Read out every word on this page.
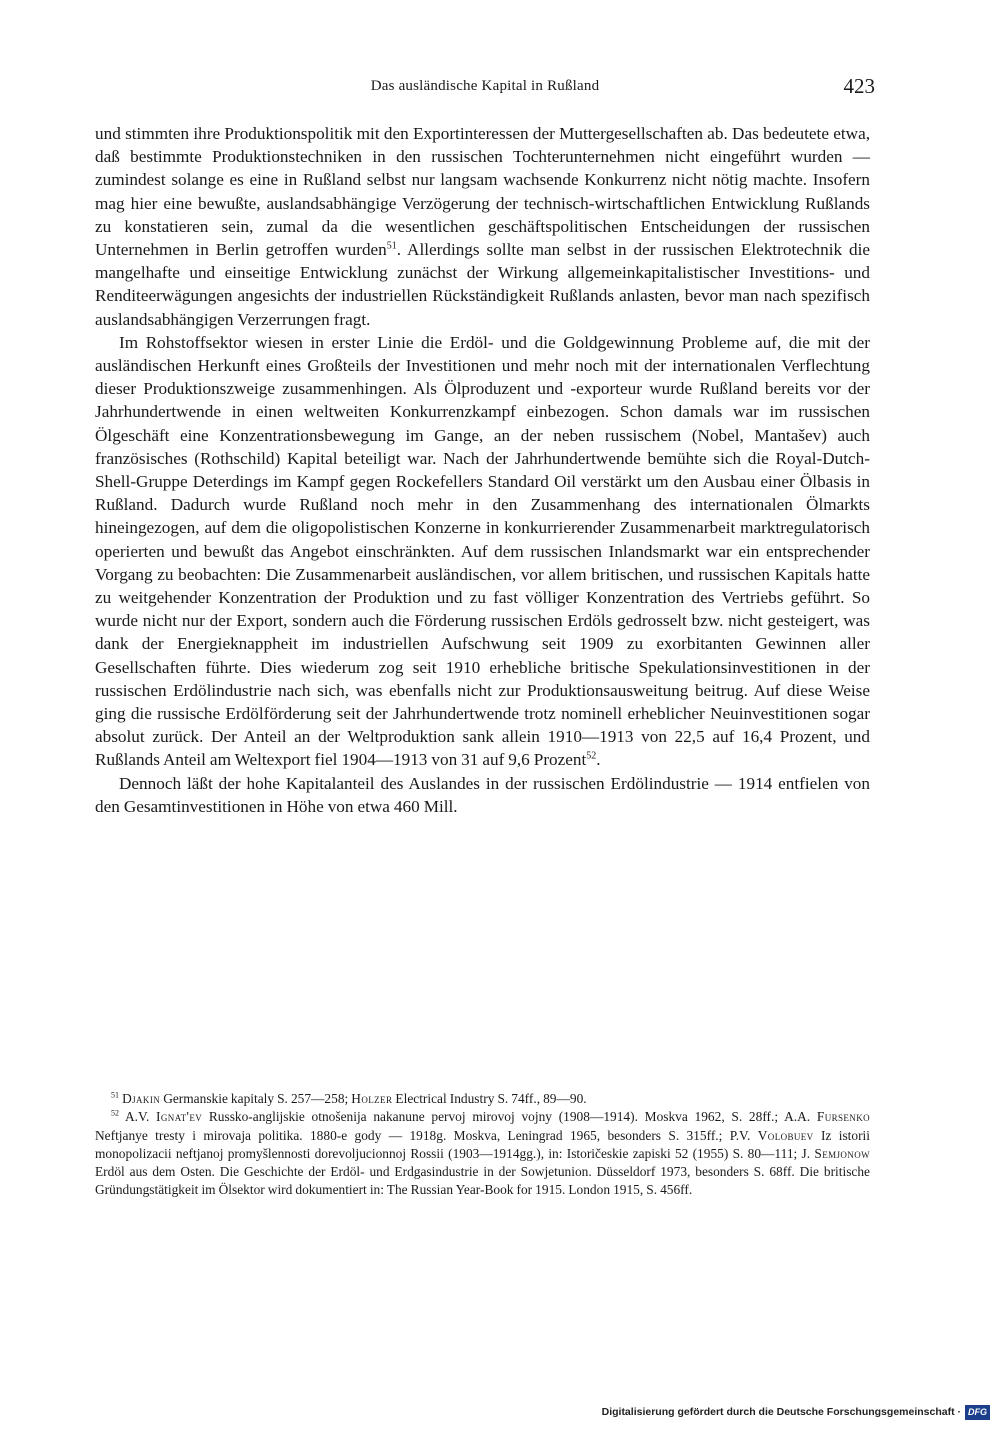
Das ausländische Kapital in Rußland	423

und stimmten ihre Produktionspolitik mit den Exportinteressen der Muttergesellschaften ab. Das bedeutete etwa, daß bestimmte Produktionstechniken in den russischen Tochterunternehmen nicht eingeführt wurden — zumindest solange es eine in Rußland selbst nur langsam wachsende Konkurrenz nicht nötig machte. Insofern mag hier eine bewußte, auslandsabhängige Verzögerung der technisch-wirtschaftlichen Entwicklung Rußlands zu konstatieren sein, zumal da die wesentlichen geschäftspolitischen Entscheidungen der russischen Unternehmen in Berlin getroffen wurden$^{51}$. Allerdings sollte man selbst in der russischen Elektrotechnik die mangelhafte und einseitige Entwicklung zunächst der Wirkung allgemeinkapitalistischer Investitions- und Renditeerwägungen angesichts der industriellen Rückständigkeit Rußlands anlasten, bevor man nach spezifisch auslandsabhängigen Verzerrungen fragt.

Im Rohstoffsektor wiesen in erster Linie die Erdöl- und die Goldgewinnung Probleme auf, die mit der ausländischen Herkunft eines Großteils der Investitionen und mehr noch mit der internationalen Verflechtung dieser Produktionszweige zusammenhingen. Als Ölproduzent und -exporteur wurde Rußland bereits vor der Jahrhundertwende in einen weltweiten Konkurrenzkampf einbezogen. Schon damals war im russischen Ölgeschäft eine Konzentrationsbewegung im Gange, an der neben russischem (Nobel, Mantašev) auch französisches (Rothschild) Kapital beteiligt war. Nach der Jahrhundertwende bemühte sich die Royal-Dutch-Shell-Gruppe Deterdings im Kampf gegen Rockefellers Standard Oil verstärkt um den Ausbau einer Ölbasis in Rußland. Dadurch wurde Rußland noch mehr in den Zusammenhang des internationalen Ölmarkts hineingezogen, auf dem die oligopolistischen Konzerne in konkurrierender Zusammenarbeit marktregulatorisch operierten und bewußt das Angebot einschränkten. Auf dem russischen Inlandsmarkt war ein entsprechender Vorgang zu beobachten: Die Zusammenarbeit ausländischen, vor allem britischen, und russischen Kapitals hatte zu weitgehender Konzentration der Produktion und zu fast völliger Konzentration des Vertriebs geführt. So wurde nicht nur der Export, sondern auch die Förderung russischen Erdöls gedrosselt bzw. nicht gesteigert, was dank der Energieknappheit im industriellen Aufschwung seit 1909 zu exorbitanten Gewinnen aller Gesellschaften führte. Dies wiederum zog seit 1910 erhebliche britische Spekulationsinvestitionen in der russischen Erdölindustrie nach sich, was ebenfalls nicht zur Produktionsausweitung beitrug. Auf diese Weise ging die russische Erdölförderung seit der Jahrhundertwende trotz nominell erheblicher Neuinvestitionen sogar absolut zurück. Der Anteil an der Weltproduktion sank allein 1910—1913 von 22,5 auf 16,4 Prozent, und Rußlands Anteil am Weltexport fiel 1904—1913 von 31 auf 9,6 Prozent$^{52}$.

Dennoch läßt der hohe Kapitalanteil des Auslandes in der russischen Erdölindustrie — 1914 entfielen von den Gesamtinvestitionen in Höhe von etwa 460 Mill.

$^{51}$ Djakin Germanskie kapitaly S. 257—258; Holzer Electrical Industry S. 74ff., 89—90.

$^{52}$ A.V. Ignat'ev Russko-anglijskie otnošenija nakanune pervoj mirovoj vojny (1908—1914). Moskva 1962, S. 28ff.; A.A. Fursenko Neftjanye tresty i mirovaja politika. 1880-e gody — 1918g. Moskva, Leningrad 1965, besonders S. 315ff.; P.V. Volobuev Iz istorii monopolizacii neftjanoj promyšlennosti dorevoljucionnoj Rossii (1903—1914gg.), in: Istoričeskie zapiski 52 (1955) S. 80—111; J. Semjonow Erdöl aus dem Osten. Die Geschichte der Erdöl- und Erdgasindustrie in der Sowjetunion. Düsseldorf 1973, besonders S. 68ff. Die britische Gründungstätigkeit im Ölsektor wird dokumentiert in: The Russian Year-Book for 1915. London 1915, S. 456ff.

Digitalisierung gefördert durch die Deutsche Forschungsgemeinschaft · DFG
